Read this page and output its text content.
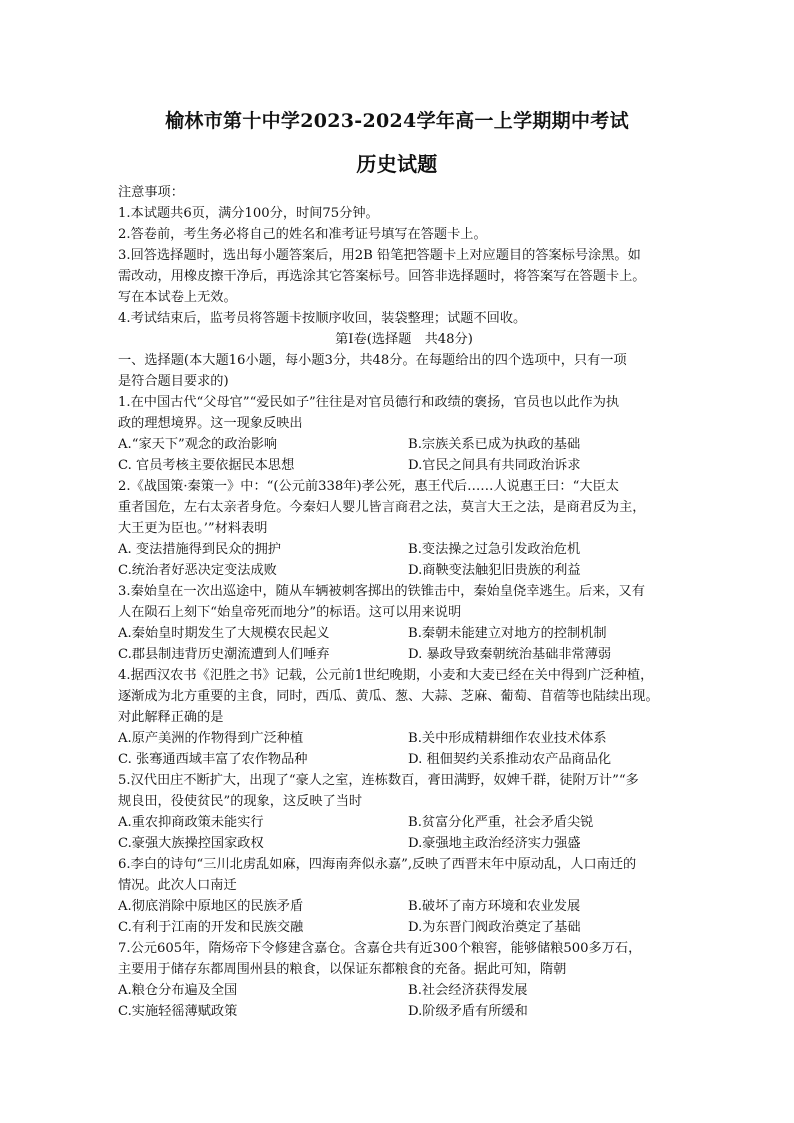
榆林市第十中学2023-2024学年高一上学期期中考试
历史试题
注意事项：
1.本试题共6页，满分100分，时间75分钟。
2.答卷前，考生务必将自己的姓名和准考证号填写在答题卡上。
3.回答选择题时，选出每小题答案后，用2B 铅笔把答题卡上对应题目的答案标号涂黑。如
需改动，用橡皮擦干净后，再选涂其它答案标号。回答非选择题时，将答案写在答题卡上。
写在本试卷上无效。
4.考试结束后，监考员将答题卡按顺序收回，装袋整理；试题不回收。
第Ⅰ卷(选择题　共48分)
一、选择题(本大题16小题，每小题3分，共48分。在每题给出的四个选项中，只有一项
是符合题目要求的)
1.在中国古代“父母官”“爱民如子”往往是对官员德行和政绩的褒扬，官员也以此作为执
政的理想境界。这一现象反映出
A.“家天下”观念的政治影响	B.宗族关系已成为执政的基础
C. 官员考核主要依据民本思想	D.官民之间具有共同政治诉求
2.《战国策·秦策一》中：“(公元前338年)孝公死，惠王代后……人说惠王曰：“大臣太
重者国危，左右太亲者身危。今秦妇人婴儿皆言商君之法，莫言大王之法，是商君反为主，
大王更为臣也。’”材料表明
A. 变法措施得到民众的拥护	B.变法操之过急引发政治危机
C.统治者好恶决定变法成败	D.商鞅变法触犯旧贵族的利益
3.秦始皇在一次出巡途中，随从车辆被刺客掷出的铁锥击中，秦始皇侥幸逃生。后来，又有
人在陨石上刻下“始皇帝死而地分”的标语。这可以用来说明
A.秦始皇时期发生了大规模农民起义	B.秦朝未能建立对地方的控制机制
C.郡县制违背历史潮流遭到人们唾弃	D. 暴政导致秦朝统治基础非常薄弱
4.据西汉农书《氾胜之书》记载，公元前1世纪晚期，小麦和大麦已经在关中得到广泛种植，
逐渐成为北方重要的主食，同时，西瓜、黄瓜、葱、大蒜、芝麻、葡萄、苜蓿等也陆续出现。
对此解释正确的是
A.原产美洲的作物得到广泛种植	B.关中形成精耕细作农业技术体系
C. 张骞通西域丰富了农作物品种	D. 租佃契约关系推动农产品商品化
5.汉代田庄不断扩大，出现了“豪人之室，连栋数百，膏田满野，奴婢千群，徒附万计”“多
规良田，役使贫民”的现象，这反映了当时
A.重农抑商政策未能实行	B.贫富分化严重，社会矛盾尖锐
C.豪强大族操控国家政权	D.豪强地主政治经济实力强盛
6.李白的诗句“三川北虏乱如麻，四海南奔似永嘉”,反映了西晋末年中原动乱，人口南迁的
情况。此次人口南迁
A.彻底消除中原地区的民族矛盾	B.破坏了南方环境和农业发展
C.有利于江南的开发和民族交融	D.为东晋门阀政治奠定了基础
7.公元605年，隋炀帝下令修建含嘉仓。含嘉仓共有近300个粮窖，能够储粮500多万石，
主要用于储存东都周围州县的粮食，以保证东都粮食的充备。据此可知，隋朝
A.粮仓分布遍及全国	B.社会经济获得发展
C.实施轻徭薄赋政策	D.阶级矛盾有所缓和
